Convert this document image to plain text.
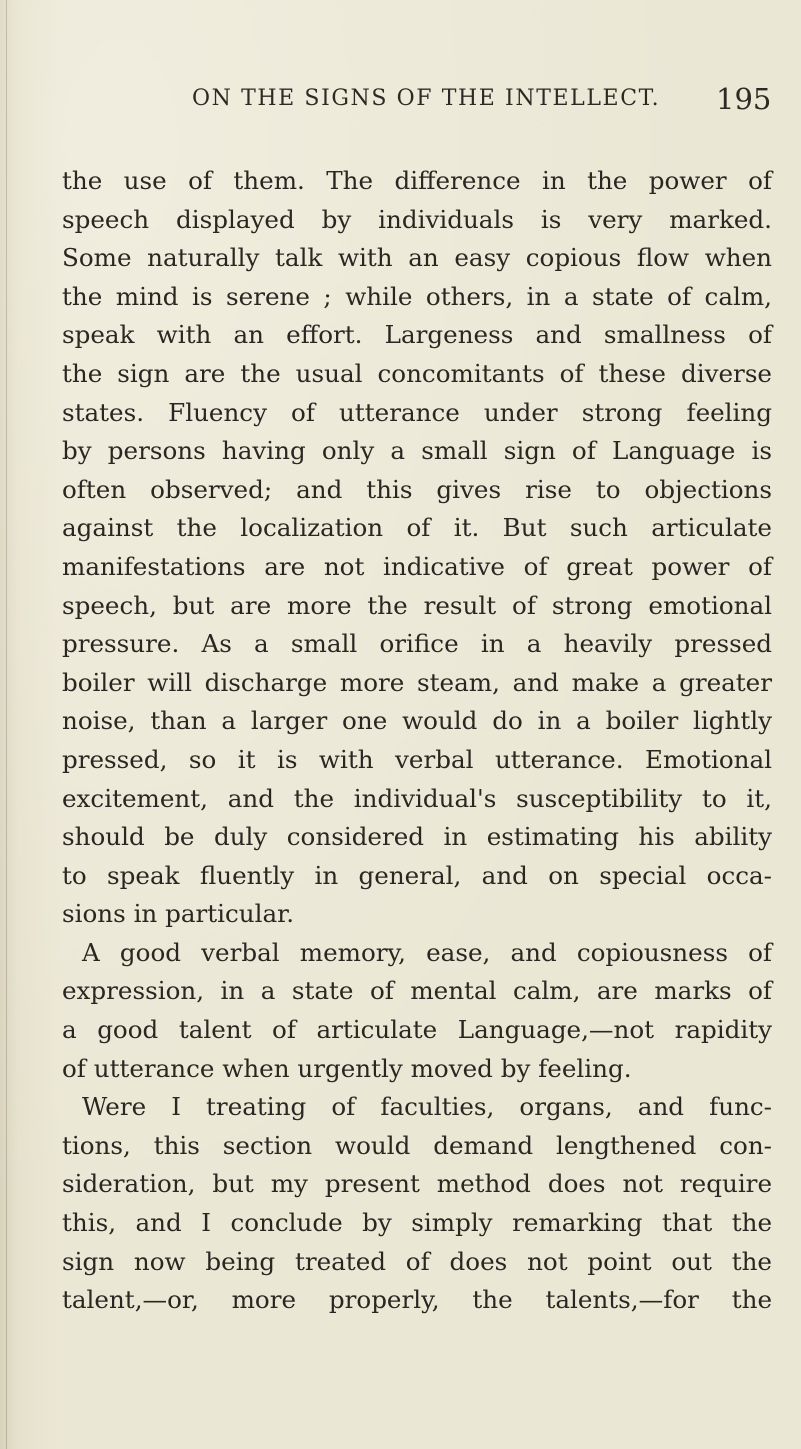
ON THE SIGNS OF THE INTELLECT. 195
the use of them. The difference in the power of
speech displayed by individuals is very marked.
Some naturally talk with an easy copious flow when
the mind is serene ; while others, in a state of calm,
speak with an effort. Largeness and smallness of
the sign are the usual concomitants of these diverse
states. Fluency of utterance under strong feeling
by persons having only a small sign of Language is
often observed; and this gives rise to objections
against the localization of it. But such articulate
manifestations are not indicative of great power of
speech, but are more the result of strong emotional
pressure. As a small orifice in a heavily pressed
boiler will discharge more steam, and make a greater
noise, than a larger one would do in a boiler lightly
pressed, so it is with verbal utterance. Emotional
excitement, and the individual's susceptibility to it,
should be duly considered in estimating his ability
to speak fluently in general, and on special occa-
sions in particular.
A good verbal memory, ease, and copiousness of
expression, in a state of mental calm, are marks of
a good talent of articulate Language,—not rapidity
of utterance when urgently moved by feeling.
Were I treating of faculties, organs, and func-
tions, this section would demand lengthened con-
sideration, but my present method does not require
this, and I conclude by simply remarking that the
sign now being treated of does not point out the
talent,—or, more properly, the talents,—for the
